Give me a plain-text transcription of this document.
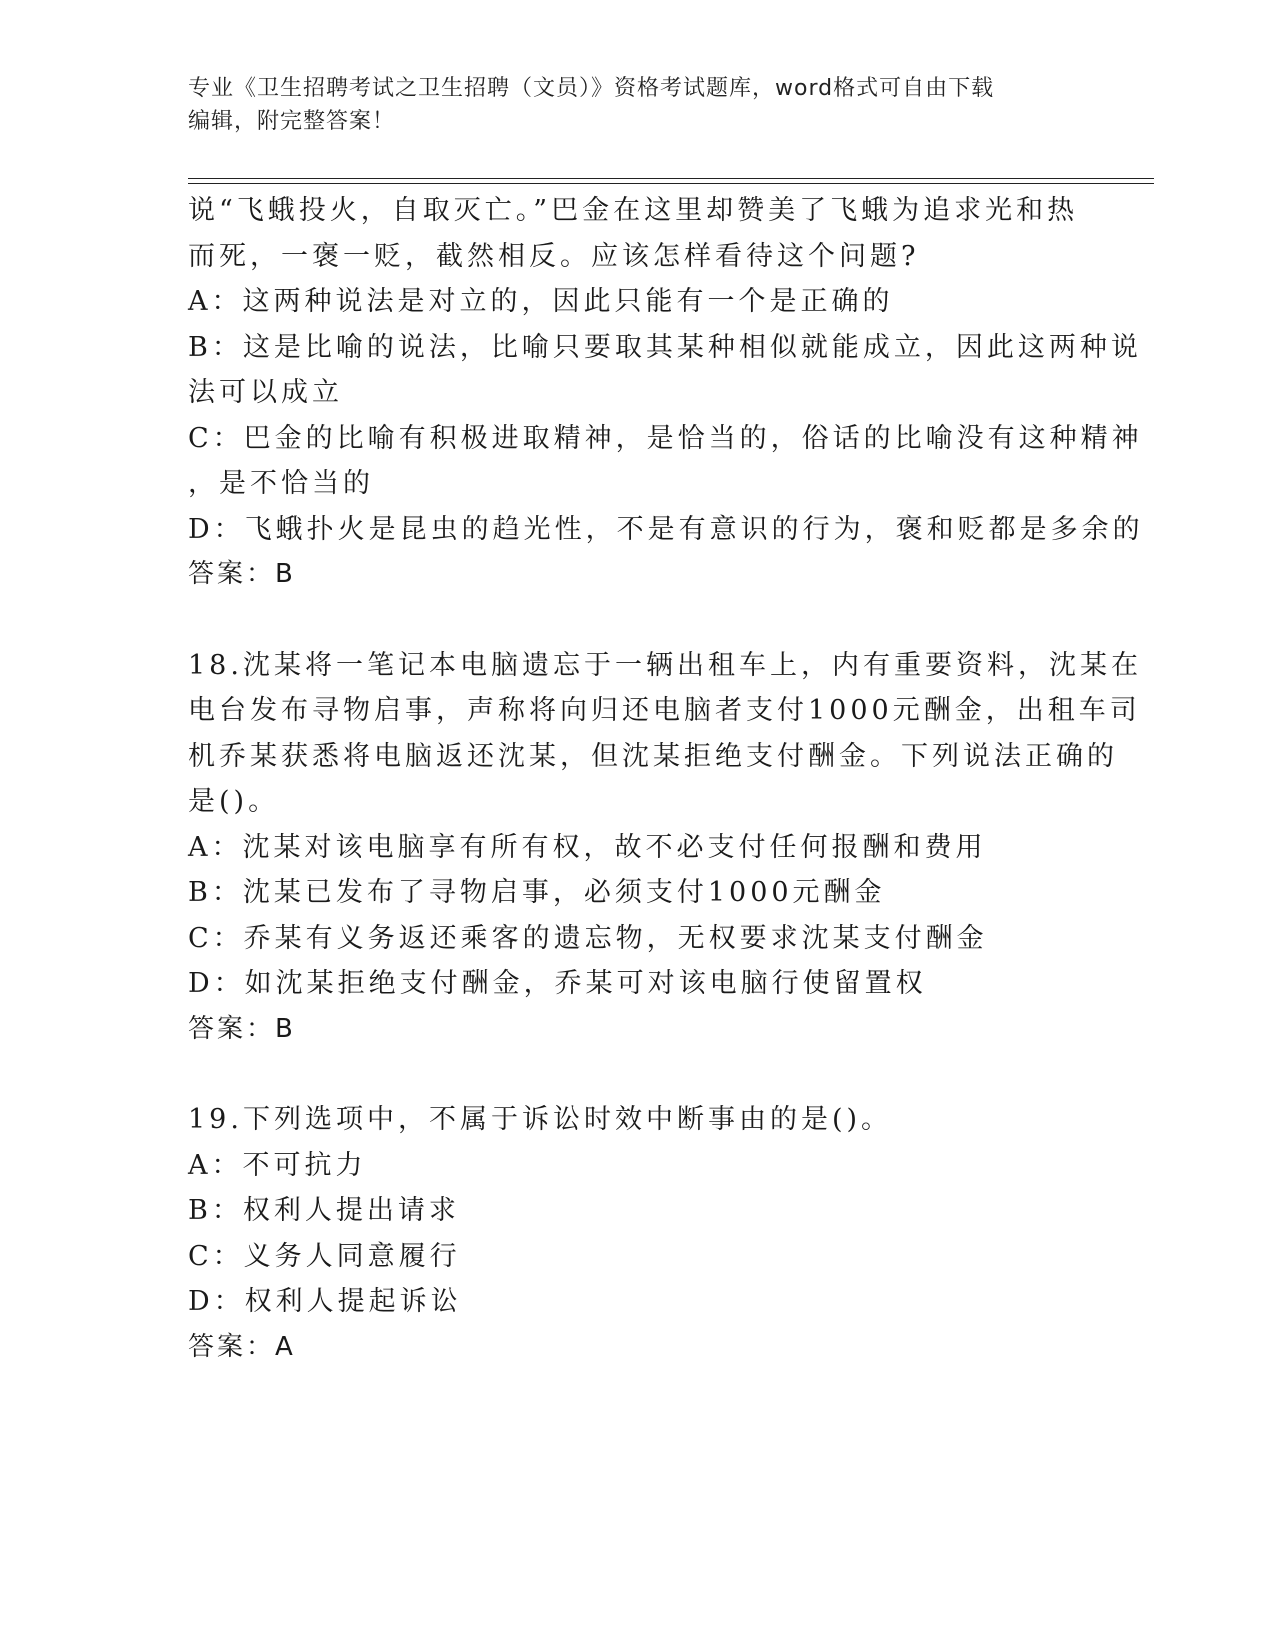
专业《卫生招聘考试之卫生招聘（文员）》资格考试题库，word格式可自由下载
编辑，附完整答案！
说“飞蛾投火，自取灭亡。”巴金在这里却赞美了飞蛾为追求光和热
而死，一褒一贬，截然相反。应该怎样看待这个问题?
A：这两种说法是对立的，因此只能有一个是正确的
B：这是比喻的说法，比喻只要取其某种相似就能成立，因此这两种说
法可以成立
C：巴金的比喻有积极进取精神，是恰当的，俗话的比喻没有这种精神
，是不恰当的
D：飞蛾扑火是昆虫的趋光性，不是有意识的行为，褒和贬都是多余的
答案：B
18.沈某将一笔记本电脑遗忘于一辆出租车上，内有重要资料，沈某在
电台发布寻物启事，声称将向归还电脑者支付1000元酬金，出租车司
机乔某获悉将电脑返还沈某，但沈某拒绝支付酬金。下列说法正确的
是()。
A：沈某对该电脑享有所有权，故不必支付任何报酬和费用
B：沈某已发布了寻物启事，必须支付1000元酬金
C：乔某有义务返还乘客的遗忘物，无权要求沈某支付酬金
D：如沈某拒绝支付酬金，乔某可对该电脑行使留置权
答案：B
19.下列选项中，不属于诉讼时效中断事由的是()。
A：不可抗力
B：权利人提出请求
C：义务人同意履行
D：权利人提起诉讼
答案：A
